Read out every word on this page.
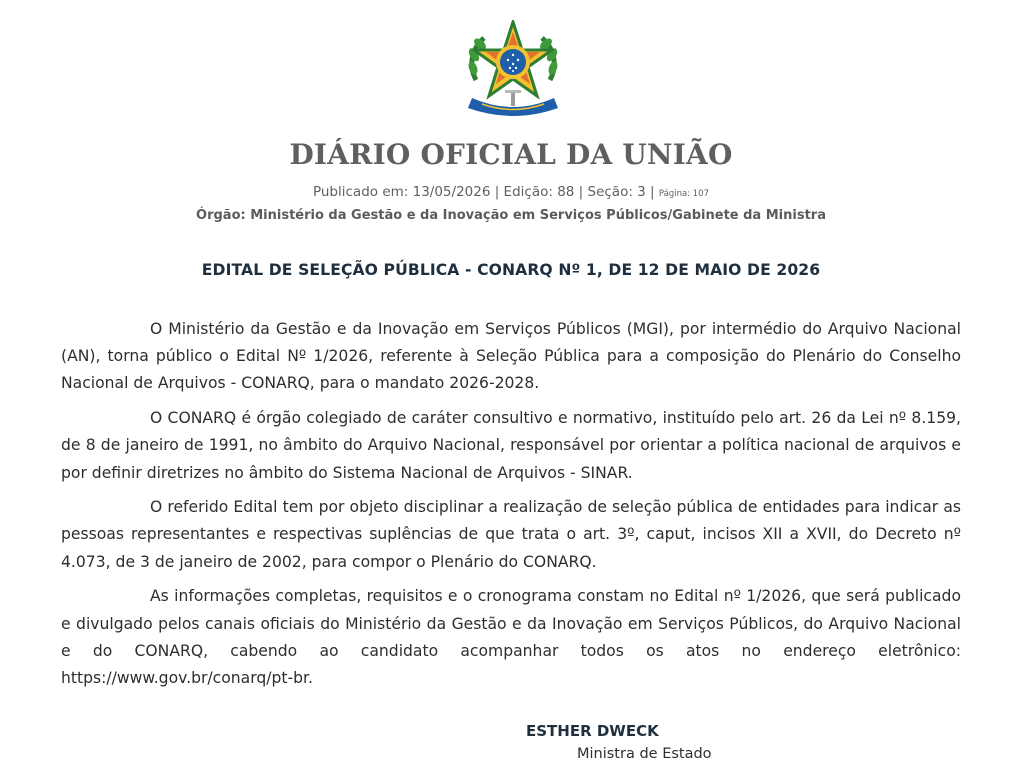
DIÁRIO OFICIAL DA UNIÃO
Publicado em: 13/05/2026 | Edição: 88 | Seção: 3 | Página: 107
Órgão: Ministério da Gestão e da Inovação em Serviços Públicos/Gabinete da Ministra
EDITAL DE SELEÇÃO PÚBLICA - CONARQ Nº 1, DE 12 DE MAIO DE 2026

O Ministério da Gestão e da Inovação em Serviços Públicos (MGI), por intermédio do Arquivo Nacional (AN), torna público o Edital Nº 1/2026, referente à Seleção Pública para a composição do Plenário do Conselho Nacional de Arquivos - CONARQ, para o mandato 2026-2028.

O CONARQ é órgão colegiado de caráter consultivo e normativo, instituído pelo art. 26 da Lei nº 8.159, de 8 de janeiro de 1991, no âmbito do Arquivo Nacional, responsável por orientar a política nacional de arquivos e por definir diretrizes no âmbito do Sistema Nacional de Arquivos - SINAR.

O referido Edital tem por objeto disciplinar a realização de seleção pública de entidades para indicar as pessoas representantes e respectivas suplências de que trata o art. 3º, caput, incisos XII a XVII, do Decreto nº 4.073, de 3 de janeiro de 2002, para compor o Plenário do CONARQ.

As informações completas, requisitos e o cronograma constam no Edital nº 1/2026, que será publicado e divulgado pelos canais oficiais do Ministério da Gestão e da Inovação em Serviços Públicos, do Arquivo Nacional e do CONARQ, cabendo ao candidato acompanhar todos os atos no endereço eletrônico: https://www.gov.br/conarq/pt-br.

ESTHER DWECK
Ministra de Estado
